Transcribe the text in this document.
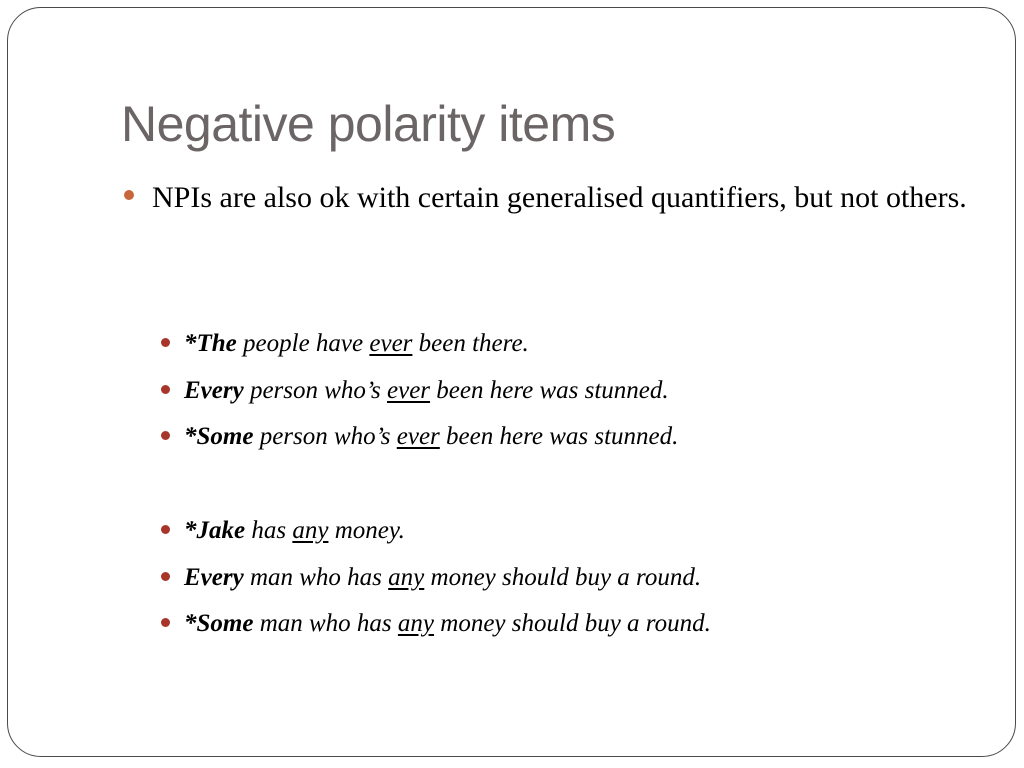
Negative polarity items
NPIs are also ok with certain generalised quantifiers, but not others.
*The people have ever been there.
Every person who’s ever been here was stunned.
*Some person who’s ever been here was stunned.
*Jake has any money.
Every man who has any money should buy a round.
*Some man who has any money should buy a round.
